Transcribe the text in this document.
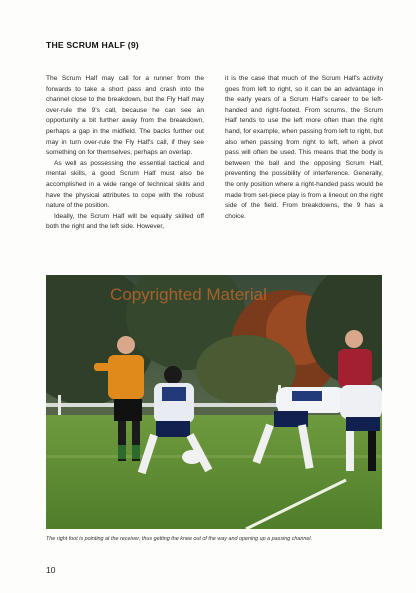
THE SCRUM HALF (9)

The Scrum Half may call for a runner from the forwards to take a short pass and crash into the channel close to the breakdown, but the Fly Half may over-rule the 9's call, because he can see an opportunity a bit further away from the breakdown, perhaps a gap in the midfield. The backs further out may in turn over-rule the Fly Half's call, if they see something on for themselves, perhaps an overlap.

As well as possessing the essential tactical and mental skills, a good Scrum Half must also be accomplished in a wide range of technical skills and have the physical attributes to cope with the robust nature of the position.

Ideally, the Scrum Half will be equally skilled off both the right and the left side. However,

it is the case that much of the Scrum Half's activity goes from left to right, so it can be an advantage in the early years of a Scrum Half's career to be left-handed and right-footed. From scrums, the Scrum Half tends to use the left more often than the right hand, for example, when passing from left to right, but also when passing from right to left, when a pivot pass will often be used. This means that the body is between the ball and the opposing Scrum Half, preventing the possibility of interference. Generally, the only position where a right-handed pass would be made from set-piece play is from a lineout on the right side of the field. From breakdowns, the 9 has a choice.

Copyrighted Material
The right foot is pointing at the receiver, thus getting the knee out of the way and opening up a passing channel.
10
